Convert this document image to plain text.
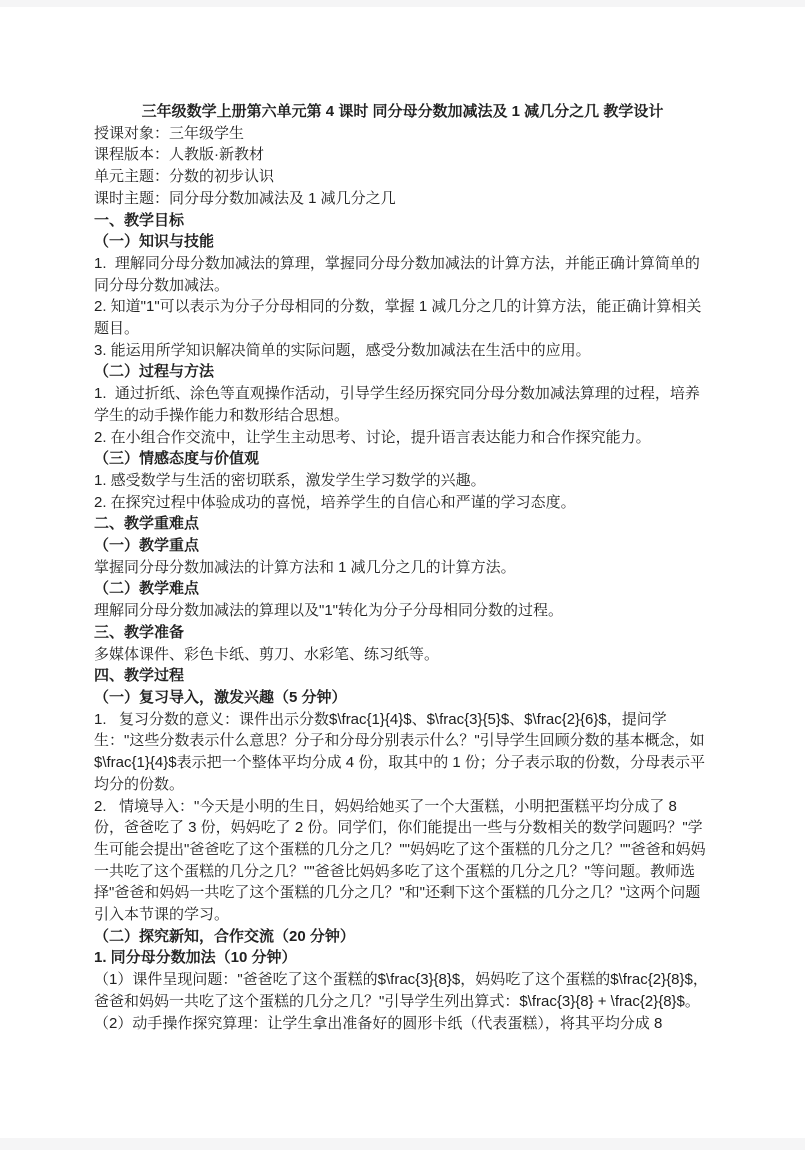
三年级数学上册第六单元第 4 课时 同分母分数加减法及 1 减几分之几 教学设计

授课对象：三年级学生

课程版本：人教版·新教材

单元主题：分数的初步认识

课时主题：同分母分数加减法及 1 减几分之几

一、教学目标

（一）知识与技能

1.  理解同分母分数加减法的算理，掌握同分母分数加减法的计算方法，并能正确计算简单的同分母分数加减法。

2. 知道"1"可以表示为分子分母相同的分数，掌握 1 减几分之几的计算方法，能正确计算相关题目。

3. 能运用所学知识解决简单的实际问题，感受分数加减法在生活中的应用。

（二）过程与方法

1.  通过折纸、涂色等直观操作活动，引导学生经历探究同分母分数加减法算理的过程，培养学生的动手操作能力和数形结合思想。

2. 在小组合作交流中，让学生主动思考、讨论，提升语言表达能力和合作探究能力。

（三）情感态度与价值观

1. 感受数学与生活的密切联系，激发学生学习数学的兴趣。

2. 在探究过程中体验成功的喜悦，培养学生的自信心和严谨的学习态度。

二、教学重难点

（一）教学重点

掌握同分母分数加减法的计算方法和 1 减几分之几的计算方法。

（二）教学难点

理解同分母分数加减法的算理以及"1"转化为分子分母相同分数的过程。

三、教学准备

多媒体课件、彩色卡纸、剪刀、水彩笔、练习纸等。

四、教学过程

（一）复习导入，激发兴趣（5 分钟）

1.   复习分数的意义：课件出示分数$\frac{1}{4}$、$\frac{3}{5}$、$\frac{2}{6}$，提问学生："这些分数表示什么意思？分子和分母分别表示什么？"引导学生回顾分数的基本概念，如$\frac{1}{4}$表示把一个整体平均分成 4 份，取其中的 1 份；分子表示取的份数，分母表示平均分的份数。

2.   情境导入："今天是小明的生日，妈妈给她买了一个大蛋糕，小明把蛋糕平均分成了 8 份，爸爸吃了 3 份，妈妈吃了 2 份。同学们，你们能提出一些与分数相关的数学问题吗？"学生可能会提出"爸爸吃了这个蛋糕的几分之几？""妈妈吃了这个蛋糕的几分之几？""爸爸和妈妈一共吃了这个蛋糕的几分之几？""爸爸比妈妈多吃了这个蛋糕的几分之几？"等问题。教师选择"爸爸和妈妈一共吃了这个蛋糕的几分之几？"和"还剩下这个蛋糕的几分之几？"这两个问题引入本节课的学习。

（二）探究新知，合作交流（20 分钟）

1. 同分母分数加法（10 分钟）

（1）课件呈现问题："爸爸吃了这个蛋糕的$\frac{3}{8}$，妈妈吃了这个蛋糕的$\frac{2}{8}$，爸爸和妈妈一共吃了这个蛋糕的几分之几？"引导学生列出算式：$\frac{3}{8} + \frac{2}{8}$。

（2）动手操作探究算理：让学生拿出准备好的圆形卡纸（代表蛋糕），将其平均分成 8
